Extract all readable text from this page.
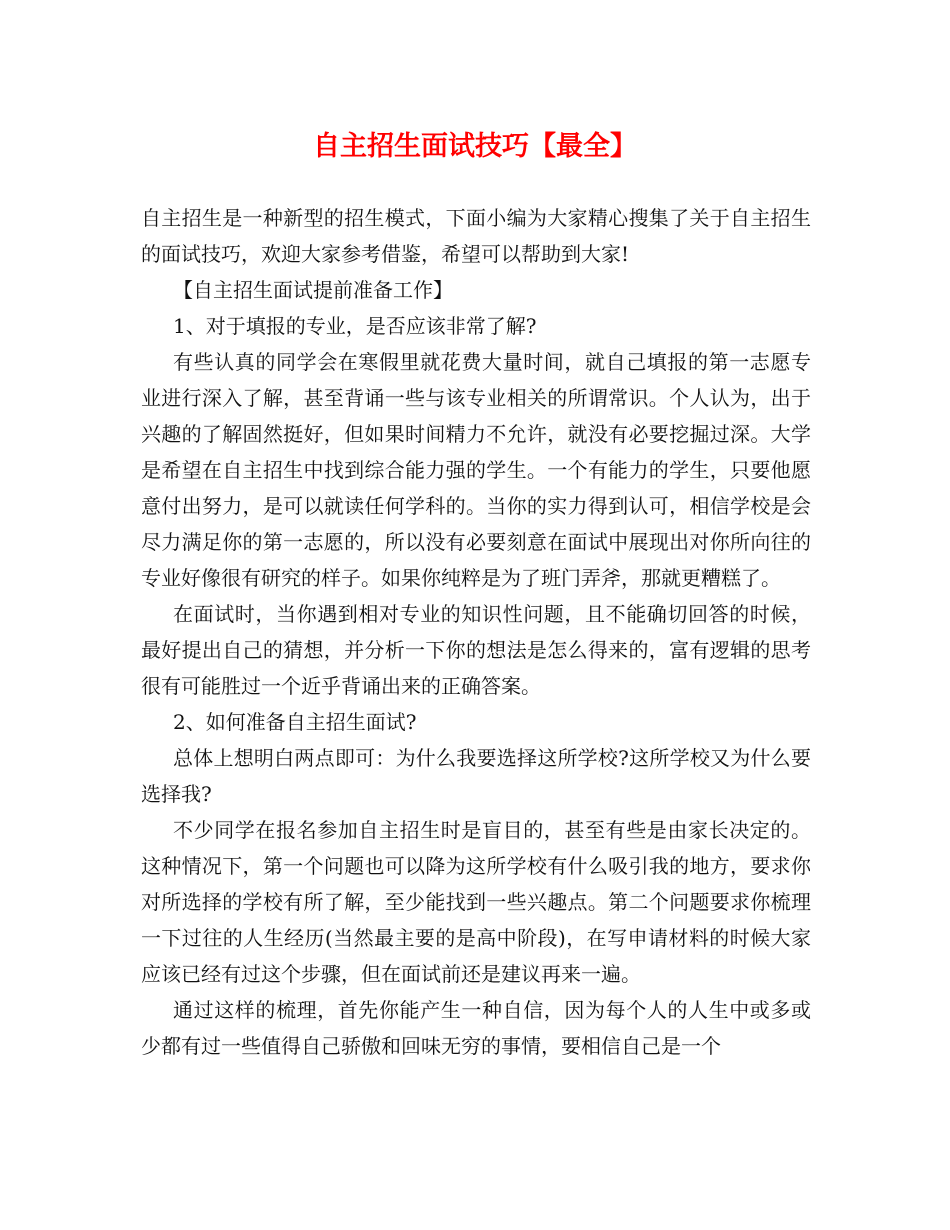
自主招生面试技巧【最全】

自主招生是一种新型的招生模式，下面小编为大家精心搜集了关于自主招生的面试技巧，欢迎大家参考借鉴，希望可以帮助到大家!

【自主招生面试提前准备工作】

1、对于填报的专业，是否应该非常了解?

有些认真的同学会在寒假里就花费大量时间，就自己填报的第一志愿专业进行深入了解，甚至背诵一些与该专业相关的所谓常识。个人认为，出于兴趣的了解固然挺好，但如果时间精力不允许，就没有必要挖掘过深。大学是希望在自主招生中找到综合能力强的学生。一个有能力的学生，只要他愿意付出努力，是可以就读任何学科的。当你的实力得到认可，相信学校是会尽力满足你的第一志愿的，所以没有必要刻意在面试中展现出对你所向往的专业好像很有研究的样子。如果你纯粹是为了班门弄斧，那就更糟糕了。

在面试时，当你遇到相对专业的知识性问题，且不能确切回答的时候，最好提出自己的猜想，并分析一下你的想法是怎么得来的，富有逻辑的思考很有可能胜过一个近乎背诵出来的正确答案。

2、如何准备自主招生面试?

总体上想明白两点即可：为什么我要选择这所学校?这所学校又为什么要选择我?

不少同学在报名参加自主招生时是盲目的，甚至有些是由家长决定的。这种情况下，第一个问题也可以降为这所学校有什么吸引我的地方，要求你对所选择的学校有所了解，至少能找到一些兴趣点。第二个问题要求你梳理一下过往的人生经历(当然最主要的是高中阶段)，在写申请材料的时候大家应该已经有过这个步骤，但在面试前还是建议再来一遍。

通过这样的梳理，首先你能产生一种自信，因为每个人的人生中或多或少都有过一些值得自己骄傲和回味无穷的事情，要相信自己是一个
